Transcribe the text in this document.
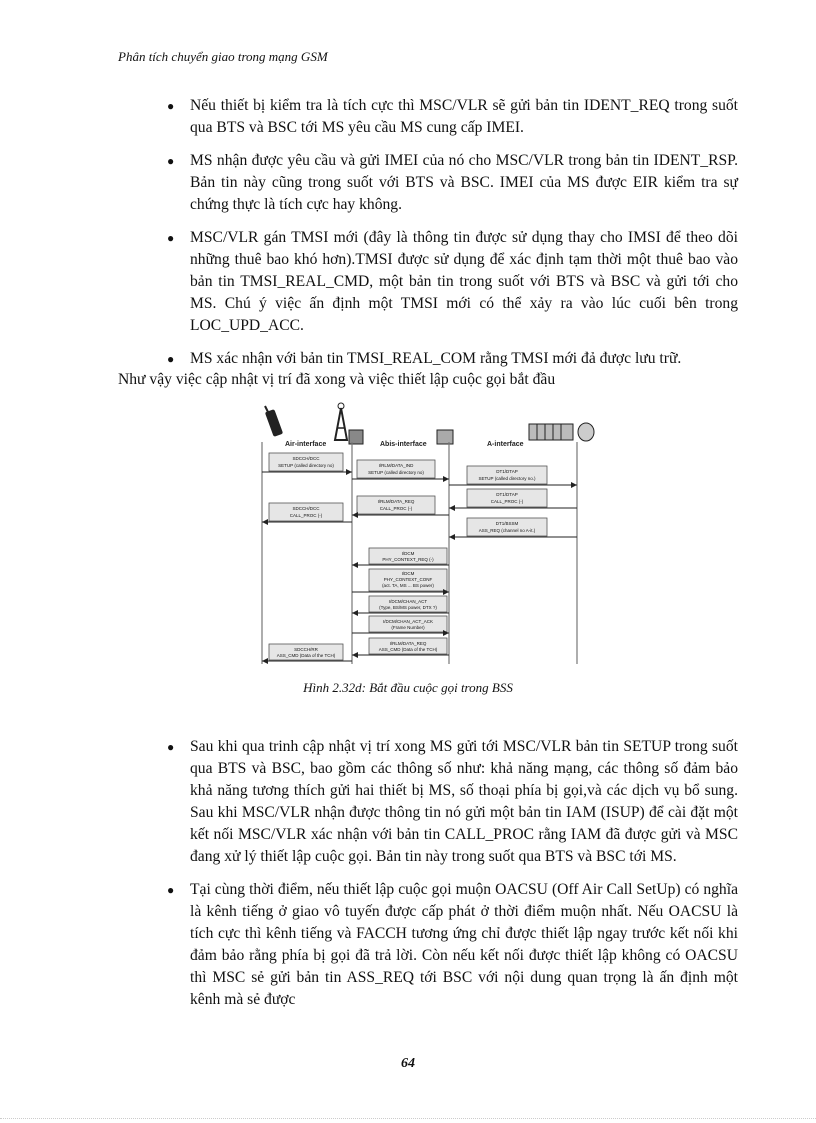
Phân tích chuyển giao trong mạng GSM
● Nếu thiết bị kiểm tra là tích cực thì MSC/VLR sẽ gửi bản tin IDENT_REQ trong suốt qua BTS và BSC tới MS yêu cầu MS cung cấp IMEI.
● MS nhận được yêu cầu và gửi IMEI của nó cho MSC/VLR trong bản tin IDENT_RSP. Bản tin này cũng trong suốt với BTS và BSC. IMEI của MS được EIR kiểm tra sự chứng thực là tích cực hay không.
● MSC/VLR gán TMSI mới (đây là thông tin được sử dụng thay cho IMSI để theo dõi những thuê bao khó hơn).TMSI được sử dụng để xác định tạm thời một thuê bao vào bản tin TMSI_REAL_CMD, một bản tin trong suốt với BTS và BSC và gửi tới cho MS. Chú ý việc ấn định một TMSI mới có thể xảy ra vào lúc cuối bên trong LOC_UPD_ACC.
● MS xác nhận với bản tin TMSI_REAL_COM rằng TMSI mới đả được lưu trữ.
Như vậy việc cập nhật vị trí đã xong và việc thiết lập cuộc gọi bắt đầu
Air-interface	Abis-interface	A-interface
SDCCH/DCC
SETUP (called directory no)	I/RLM/DATA_IND
SETUP (called directory no)	DT1/DTAP
SETUP (called directory no.)
DT1/DTAP
CALL_PROC (-)
I/RLM/DATA_REQ
CALL_PROC (-)
SDCCH/DCC
CALL_PROC (-)
DT1/BSSM
ASS_REQ (channel no A-it.)
I/DCM
PHY_CONTEXT_REQ (-)
I/DCM
PHY_CONTEXT_CONF
(act. TA, MS ... BS power)
I/DCM/CHAN_ACT
(Type, BS/MS power, DTX ?)
I/DCM/CHAN_ACT_ACK
(Frame Number)
I/RLM/DATA_REQ
ASS_CMD (Data of the TCH)
SDCCH/RR
ASS_CMD (Data of the TCH)
Hình 2.32d: Bắt đầu cuộc gọi trong BSS
● Sau khi qua trinh cập nhật vị trí xong MS gửi tới MSC/VLR bản tin SETUP trong suốt qua BTS và BSC, bao gồm các thông số như: khả năng mạng, các thông số đảm bảo khả năng tương thích gửi hai thiết bị MS, số thoại phía bị gọi,và các dịch vụ bổ sung. Sau khi MSC/VLR nhận được thông tin nó gửi một bản tin IAM (ISUP) để cài đặt một kết nối MSC/VLR xác nhận với bản tin CALL_PROC rằng IAM đã được gửi và MSC đang xử lý thiết lập cuộc gọi. Bản tin này trong suốt qua BTS và BSC tới MS.
● Tại cùng thời điểm, nếu thiết lập cuộc gọi muộn OACSU (Off Air Call SetUp) có nghĩa là kênh tiếng ở giao vô tuyến được cấp phát ở thời điểm muộn nhất. Nếu OACSU là tích cực thì kênh tiếng và FACCH tương ứng chỉ được thiết lập ngay trước kết nối khi đảm bảo rằng phía bị gọi đã trả lời. Còn nếu kết nối được thiết lập không có OACSU thì MSC sẻ gửi bản tin ASS_REQ tới BSC với nội dung quan trọng là ấn định một kênh mà sẻ được
64
